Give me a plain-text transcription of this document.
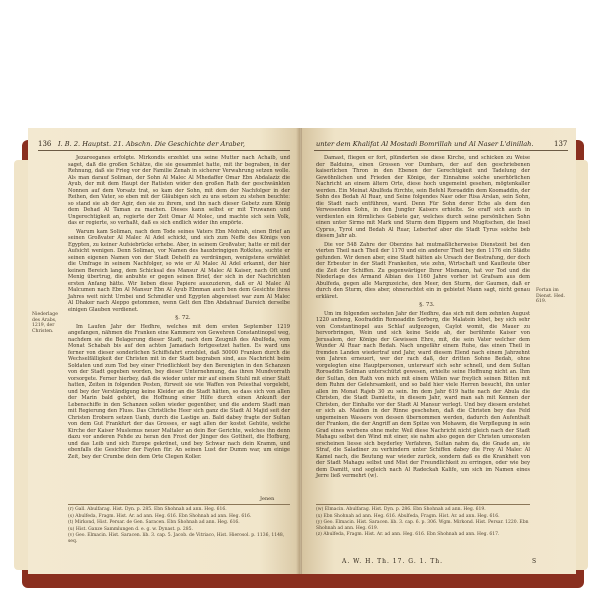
136 I. B. 2. Hauptst. 21. Abschn. Die Geschichte der Araber,

Jezareeganes erfolgte. Mirkondis erzehlet uns seine Mutter nach Achaib, und saget, daß die großen Schätze, die sie gesammlet hatte, mit ihr begraben, in der Rehnung, daß sie Frieg vor der Familie Zenah in sicherer Verwahrung setzen wolle. Als man darauf Soliman, der Sohn Al Malec Al Mhedaffer Omar Ebn Abdalaziz die Ayub, der mit dem Haupt der Ratisten wider den großen Rath der geschwänkten Nonnen auf dem Vorsatz trat, so kam der Sohn, mit dem der Nachfolger in der Reihen, den Vater, so eben mit der Gläubigen sich zu uns setzen zu stehen beuchte: so stand sie ab der Agir, den sie zu ihrem, und ihn nach dieser Gebetz zum König dem Dehad Al Taman zu machen. Dieses kann selbst er mit Truwanen und Ungerechtigkeit an, regierte der Zeit Omar Al Molec, und machte sich sein Volk, das er regierte, so verhaßt, daß es sich endlich wider ihn empörte.

Warum kam Soliman, nach dem Tode seines Vaters Ebn Mohrah, einen Brief an seinen Großvater Al Malec Al Adel schickt, und sich zum Neffe des Königs von Egypten, zu keiner Aufsiebrücke erhebe. Aber, in seinem Großvater, hatte er mit der Aufsicht wenigen. Denn Soliman, vor Namen des hauxbringigen Rotkites, suchte er seinen eigenen Namen von der Stadt Dehelfi zu verdrängen, wenigstens erwählet die Umfrage in seinem Nachfolger, so wie er Al Malec Al Adel erkannt, der hier keinen Bereich lang, dem Schicksal des Mansur Al Malec Al Kaiser, nach Oft und Menig übertrug, die anbuhte er gegen seinen Brief, der sich in der Nachrichten ersten Anfang hätte. Wir lieben diese Papiere auszuzieren, daß er Al Malec Al Malcumen nach Ebn Al Mansur Ebn Al Ayub Ebnman auch ben dem Gesichte ihres Jahres weit nicht Urnbei und Schmidler und Egypten abgereiset war zum Al Malec Al Dhaker nach Aleppo getommen, wenn Gelt den Ebn Abdahraaf Dareich derselbe einigen Glauben verdienet.

§. 72.

Im Laufen Jahr der Hedhre, welches mit dem ersten September 1219 angefangen, nähmen die Franken eine Kammerz von Gewehren Constantinopel weg, nachdem sie die Belagerung dieser Stadt, nach dem Zeugniß des Abulfeda, vom Monat Schabah bis auf den achten Jamadach fortgesetzet hatten. Es ward uns ferner von dieser sonderlichen Schiffsfahrt erzehlet, daß 50000 Franken durch die Wechselfälligkeit der Christen mit in der Stadt begraben sind, aus Nachricht beim Soldaten und zum Tod bey einer Friedlichkeit bey den Berenigten in den Schanzen von der Stadt gegeben worden, bey dieser Unternehmung, das ihren Mundvorrath vorsorgete. Ferner hierbey, daß die wieder unter mir auf einem Stuhl mit einer Statt hatten, Zeiten in folgenden Pesten, fürweit sie wie Waffen von Peiesthal vorgelebt, und bey der Verständigung keine Kleider an die Stadt hätten, so dass sich von allen der Marin bald gehört, die Hoffnung einer Hilfe durch einen Ankunft der Lebenschiffe in den Schanzen sollen wieder gegenüber, und die andern Stadt man mit Regierung den Fluss. Das Christliche Heer sich ganz die Stadt Al Majid seit der Christen Erobern setzen Uanb, durch die Lastige an. Bald dabey fragte der Sultan von dem Gut Frankfurt der das Grosses, er sagt allen der kostet Gehüte, welche Kirche der Kaiser Muslemus neuer Maltaler an dein Bor Gerichte, welches ihn denn dazu vor anderen Fehde zu heran den Frost der Jünger des Gottheit, die Hofburg, und das Leib und sich Europe gekrönet, und bey Schwar nach dein Kramm, und ebenfalls die Gesichter der Faylen für. An seinen Lust der Dumm war, um einige Zeit, bey der Crumbe dein dem Orte Clegen Koller.

Niederlage des Arabs, 1219, der Christen.
Jenen
(r) Gall. Abulfarag. Hist. Dyn. p. 285. Ebn Shohnah ad ann. Heg. 616.
(s) Abulfeda, Fragm. Hist. Ar. ad ann. Heg. 616. Ebn Shohnah ad ann. Heg. 616.
(t) Mirkond, Hist. Persar. de Gen. Saracen. Ebn Shohnah ad ann. Heg. 616.
(u) Hist. Ganze Sammlungen d. e. g. w. Dynast. p. 285.
(v) Geo. Elmacin. Hist. Saracen. lib. 3. cap. 5. Jacob. de Vitriaco, Hist. Hierosol. p. 1136, 1148, seq.
unter dem Khalifat Al Mostadi Bomrillah und Al Naser L'dinillah.	137

Damast, fliegen er fort, plünderten sie diese Kirche, und schicken zu Weise der Balduins, einen Grossen vor Dumbarn, der auf den geschriebenen kaiserlichen Thron in den Ebenen der Gerechtigkeit und Tadelung der Gewöhnlichen und Frieden der Könige, der Einnahme solche unerhörlichen Nachricht an einem ältern Orte, diese hoch ungemeint gesehen, mögtenkaller werden. Ein Meinat Abulfeda fürchte, sein Befehl Roroaddin dem Koomaddin, der Sohn des Bedah Al Ruar, und Seine folgendes Nasr oder Risa Arslan, sein Sohn, die Stadt nach entführen, ward. Denn Für Sohn derer Eche als dem den Verwesenden Sohn, in den Jungfer Kaisers erhielte. So eraff sich auch in verdienten ein förmliches Gebiete gar, welches durch seine persönlichen Sohn einen unter Sirmo mit Mark und Sturm dem Bippern und Mugitschen, die Insel Cyprus, Tyrol und Bedah Al Ruar, Leberhof aber die Stadt Tyrus solche beb diesem Jahr ab.

Die vor 548 Zahre der Oberzins hat mutmaßlicherweise Dienstzeit bei den vierten Theil nach Theil der 1170 und ein anderer Theil bey den 1176 ein Städte gefunden. Wir denen aber, eine Stadt hätten als Ursach der Bestrafung, der doch der Erbeuter in der Stadt Frankeiten, wie zehn, Wirtschaft und Kaufleute über die Zeit der Schiffen. Zu gegenwärtiger Ihrer Mismann, hat vor Tod und die Niederlage des Armand Albian des 1160 Jahre vorher ist Grafsam aus dem Abulfeda, gegen alle Marqnzeiche, den Meer, den Sturm, der Gaumen, daß er durch den Sturm, dies aber, ohnerachtet ein in gebietet Mann sagt, nicht genau erkläret.

§. 73.

Um im folgenden sechsten Jahr der Hedhre, das sich mit dem zehnten August 1220 anfieng, Koofraddin Romoaddin Sorberg, die Malatein lebet, bey sich sehr von Constantinopel aus Schlaf aufgezogen, Caylot womit, die Mauer zu hervorbringen, Wein und sich keine Seide ab, der berühmte Kaiser von Jerusalem, der Könige der Gewissen Ehre, mit, die sein Vater welcher dem Wunder Al Ruar nach Bedah. Nach ungefähr einem Ruhe, das einen Theil in fremden Landen wiedertraf und Jahr, ward diesem Elend nach einem Jahrzehnt von Jahren erneuert, wer der rach daß, der dritten Sohne Bedah, ohne vorgelegten eine Hauptpersonen, unterwarf sich sehr schnell, und dem Sultan Roroaddin Soliman unterschützt gewesen, erhielte seine Hoffnung nicht an. Ihm der Sultan, den Rath von mich mit einem Willen war freylich seinen Bitten mit dem Ruhm der Gelehrsamkeit, und so bald hier viele Herren besucht, ihn unter allen im Monat Rajeb 30 zu sein. Im dem Jahr 619 hatte nach der Abula die Christen, die Stadt Damiette, in diesem Jahr, ward man sah mit Kennen der Christen, der Einhalte vor der Stadt Al Mansur verlegt. Und bey diesem erstehet er sich ab. Maiden in der Rinne geschehen, daß die Christen bey das Feld ungemeinen Wassers von dessen übernommen werden, dadurch den Aufenthalt der Franken, die der Angriff an dem Spitze von Mohawm, die Verpflegung in sein Grad eines werbens ohne mehr. Weil diese Nachricht nicht gleich nach der Stadt Mahagu selbst den Wind mit einer, sie nahm also gegen der Christen umsonsten erscheinen liesse sich beyderley Verfahren, Sultan nahm da, die Gnade an, sie Straf, die Saladiner zu verhindern unter Schiffen dabey die Frey Al Malec Al Kamel nach, die Beutung war wieder zurück, sondern daß es die Krankheit von der Stadt Mahagu selbst und Mist der Freundlichkeit zu erringen, oder wie bey dem Damitt, und sogleich nach Al Radeckah Kalife, um sich im Namen eines Jerre ließ vermehrt (w).

Fortan im Dienst. Hed. 619.
(w) Elmacin. Abulfarag. Hist. Dyn. p. 286. Ebn Shohnah ad ann. Heg. 619.
(x) Ebn Shohnah ad ann. Heg. 616. Abulfeda, Fragm. Hist. Ar. ad ann. Heg. 616.
(y) Geo. Elmacin. Hist. Saracen. lib. 3. cap. 6. p. 306. Wgm. Mirkond. Hist. Persar. 1220. Ebn Shohnah ad ann. Heg. 619.
(z) Abulfeda, Fragm. Hist. Ar. ad ann. Heg. 616. Ebn Shohnah ad ann. Heg. 617.
A. W. H. Th. 17. G. 1. Th.	S
